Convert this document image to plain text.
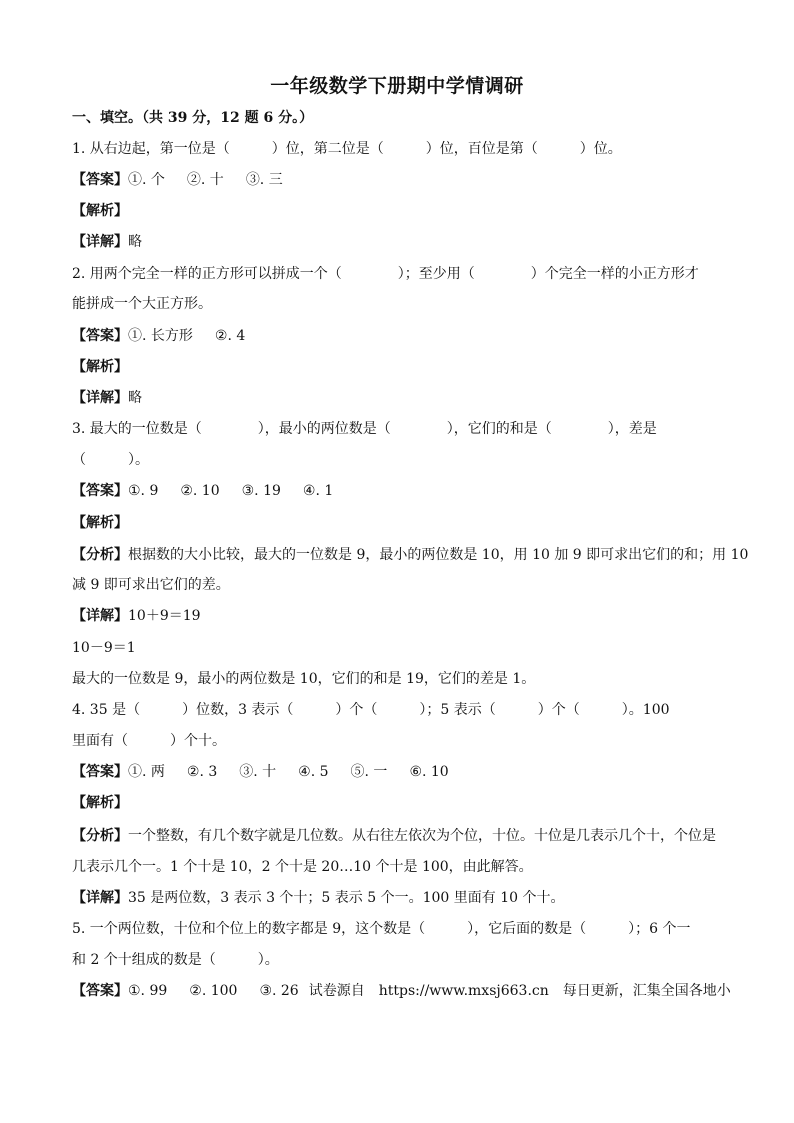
一年级数学下册期中学情调研
一、填空。（共 39 分，12 题 6 分。）
1. 从右边起，第一位是（　　　）位，第二位是（　　　）位，百位是第（　　　）位。
【答案】①. 个 ②. 十 ③. 三
【解析】
【详解】略
2. 用两个完全一样的正方形可以拼成一个（　　　　）；至少用（　　　　）个完全一样的小正方形才
能拼成一个大正方形。
【答案】①. 长方形 ②. 4
【解析】
【详解】略
3. 最大的一位数是（　　　　），最小的两位数是（　　　　），它们的和是（　　　　），差是
（　　　）。
【答案】①. 9 ②. 10 ③. 19 ④. 1
【解析】
【分析】根据数的大小比较，最大的一位数是 9，最小的两位数是 10，用 10 加 9 即可求出它们的和；用 10
减 9 即可求出它们的差。
【详解】10＋9＝19
10－9＝1
最大的一位数是 9，最小的两位数是 10，它们的和是 19，它们的差是 1。
4. 35 是（　　　）位数，3 表示（　　　）个（　　　）；5 表示（　　　）个（　　　）。100
里面有（　　　）个十。
【答案】①. 两 ②. 3 ③. 十 ④. 5 ⑤. 一 ⑥. 10
【解析】
【分析】一个整数，有几个数字就是几位数。从右往左依次为个位，十位。十位是几表示几个十，个位是
几表示几个一。1 个十是 10，2 个十是 20…10 个十是 100，由此解答。
【详解】35 是两位数，3 表示 3 个十；5 表示 5 个一。100 里面有 10 个十。
5. 一个两位数，十位和个位上的数字都是 9，这个数是（　　　），它后面的数是（　　　）；6 个一
和 2 个十组成的数是（　　　）。
【答案】①. 99 ②. 100 ③. 26 试卷源自　https://www.mxsj663.cn　每日更新，汇集全国各地小
